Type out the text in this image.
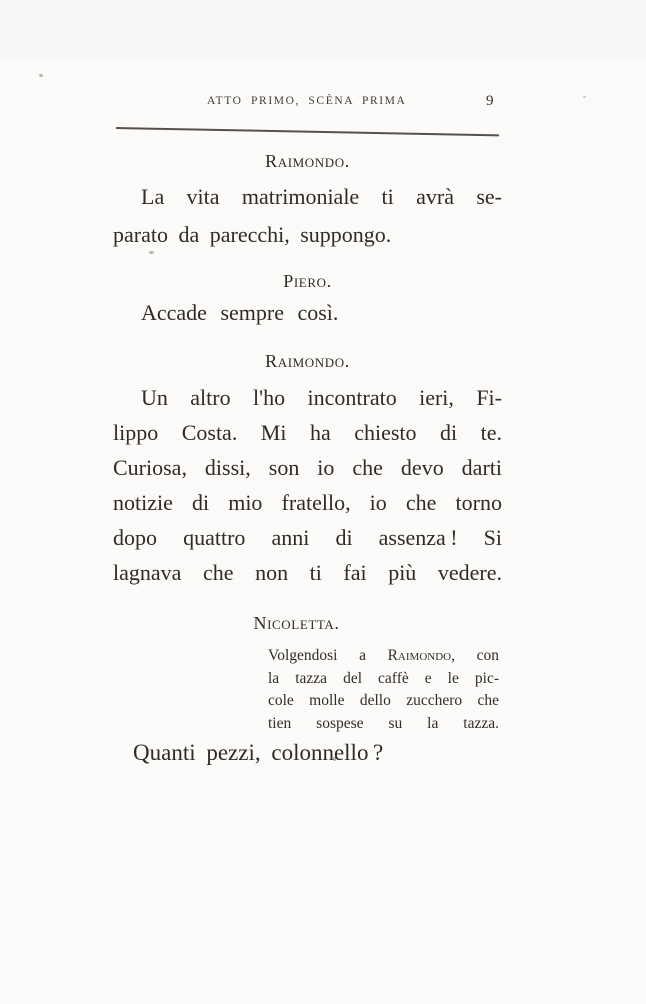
ATTO PRIMO, SCÈNA PRIMA	9
Raimondo.
La vita matrimoniale ti avrà se-
parato da parecchi, suppongo.
Piero.
Accade sempre così.
Raimondo.
Un altro l'ho incontrato ieri, Fi-
lippo Costa. Mi ha chiesto di te.
Curiosa, dissi, son io che devo darti
notizie di mio fratello, io che torno
dopo quattro anni di assenza ! Si
lagnava che non ti fai più vedere.
Nicoletta.
Volgendosi a Raimondo, con
la tazza del caffè e le pic-
cole molle dello zucchero che
tien sospese su la tazza.
Quanti pezzi, colonnello ?
